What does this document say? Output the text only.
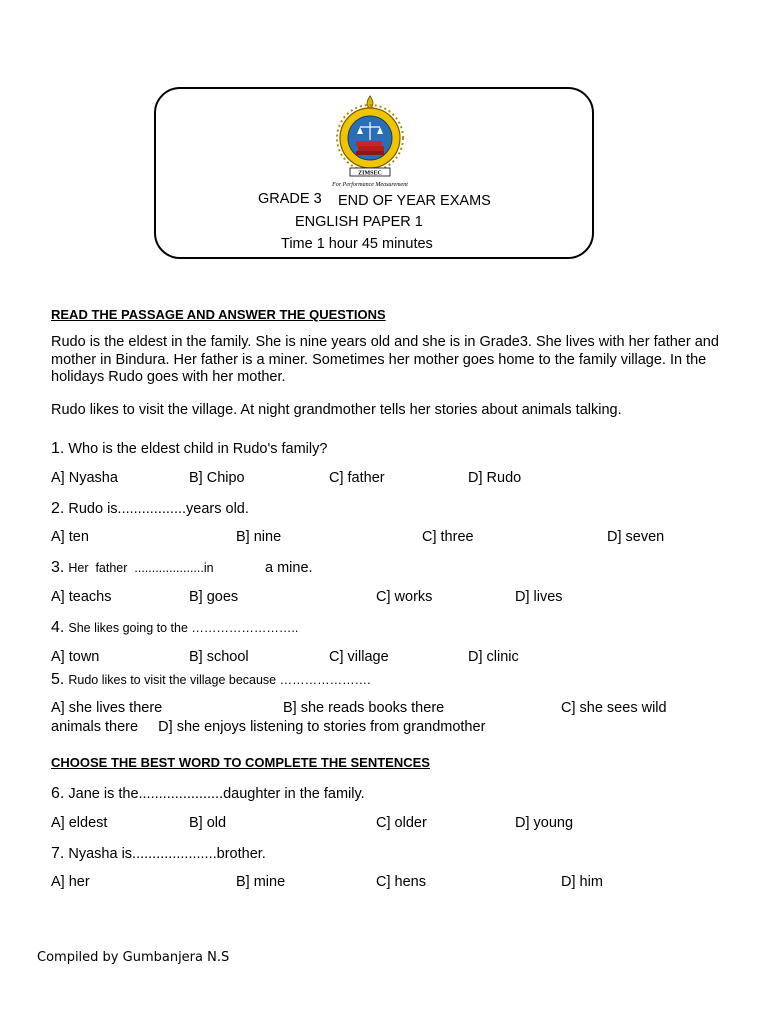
ZIMSEC
For Performance Measurement
GRADE 3 END OF YEAR EXAMS
ENGLISH PAPER 1
Time 1 hour 45 minutes
READ THE PASSAGE AND ANSWER THE QUESTIONS
Rudo is the eldest in the family. She is nine years old and she is in Grade3. She lives with her father and mother in Bindura. Her father is a miner. Sometimes her mother goes home to the family village. In the holidays Rudo goes with her mother.
Rudo likes to visit the village. At night grandmother tells her stories about animals talking.
1. Who is the eldest child in Rudo's family?
A] Nyasha	B] Chipo	C] father	D] Rudo
2. Rudo is.................years old.
A] ten	B] nine	C] three	D] seven
3. Her  father  ....................in	a mine.
A] teachs	B] goes	C] works	D] lives
4. She likes going to the ……………………..
A] town	B] school	C] village	D] clinic
5. Rudo likes to visit the village because ………………….
A] she lives there	B] she reads books there	C] she sees wild
animals there     D] she enjoys listening to stories from grandmother
CHOOSE THE BEST WORD TO COMPLETE THE SENTENCES
6. Jane is the.....................daughter in the family.
A] eldest	B] old	C] older	D] young
7. Nyasha is.....................brother.
A] her	B] mine	C] hens	D] him
Compiled by Gumbanjera N.S
